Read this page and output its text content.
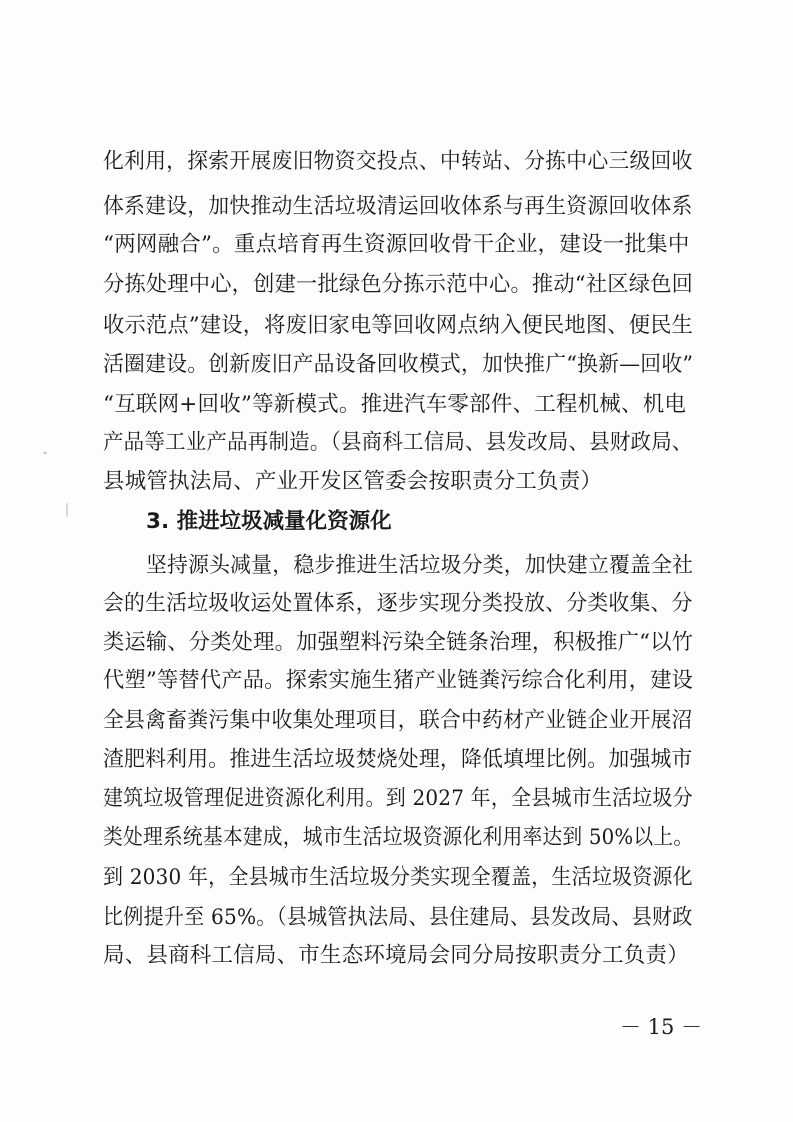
化利用，探索开展废旧物资交投点、中转站、分拣中心三级回收
体系建设，加快推动生活垃圾清运回收体系与再生资源回收体系
“两网融合”。重点培育再生资源回收骨干企业，建设一批集中
分拣处理中心，创建一批绿色分拣示范中心。推动“社区绿色回
收示范点”建设，将废旧家电等回收网点纳入便民地图、便民生
活圈建设。创新废旧产品设备回收模式，加快推广“换新—回收”
“互联网+回收”等新模式。推进汽车零部件、工程机械、机电
产品等工业产品再制造。（县商科工信局、县发改局、县财政局、
县城管执法局、产业开发区管委会按职责分工负责）
3. 推进垃圾减量化资源化
坚持源头减量，稳步推进生活垃圾分类，加快建立覆盖全社
会的生活垃圾收运处置体系，逐步实现分类投放、分类收集、分
类运输、分类处理。加强塑料污染全链条治理，积极推广“以竹
代塑”等替代产品。探索实施生猪产业链粪污综合化利用，建设
全县禽畜粪污集中收集处理项目，联合中药材产业链企业开展沼
渣肥料利用。推进生活垃圾焚烧处理，降低填埋比例。加强城市
建筑垃圾管理促进资源化利用。到 2027 年，全县城市生活垃圾分
类处理系统基本建成，城市生活垃圾资源化利用率达到 50%以上。
到 2030 年，全县城市生活垃圾分类实现全覆盖，生活垃圾资源化
比例提升至 65%。（县城管执法局、县住建局、县发改局、县财政
局、县商科工信局、市生态环境局会同分局按职责分工负责）
－ 15 －
